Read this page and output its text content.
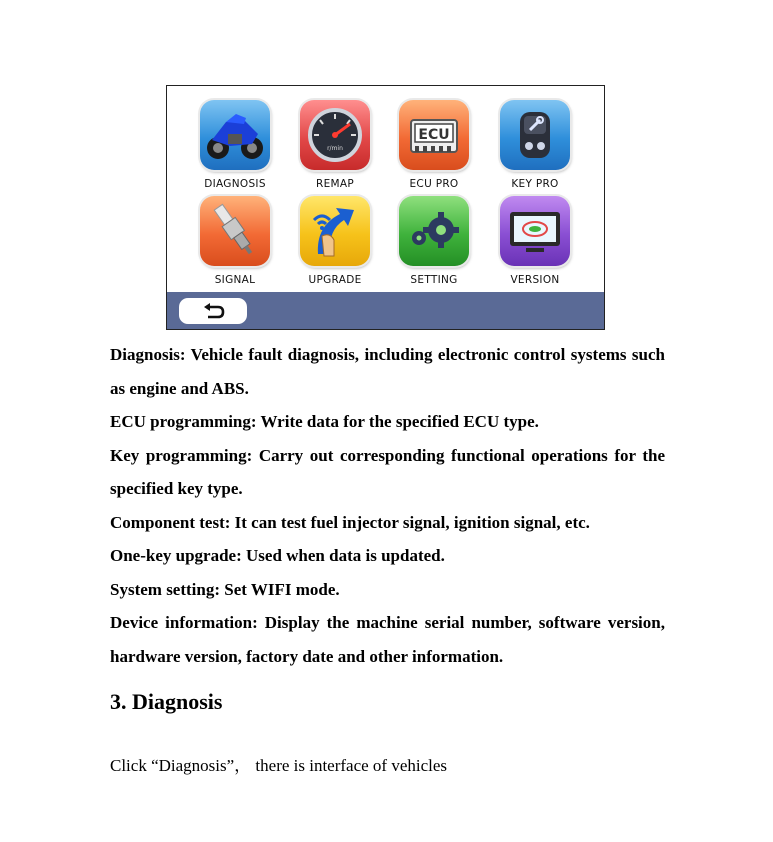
DIAGNOSIS
r/min
REMAP
ECU
ECU PRO	KEY PRO
SIGNAL	UPGRADE	SETTING	VERSION
Diagnosis: Vehicle fault diagnosis, including electronic control systems such as engine and ABS.
ECU programming: Write data for the specified ECU type.
Key programming: Carry out corresponding functional operations for the specified key type.
Component test: It can test fuel injector signal, ignition signal, etc.
One-key upgrade: Used when data is updated.
System setting: Set WIFI mode.
Device information: Display the machine serial number, software version, hardware version, factory date and other information.
3. Diagnosis

Click “Diagnosis”， there is interface of vehicles
